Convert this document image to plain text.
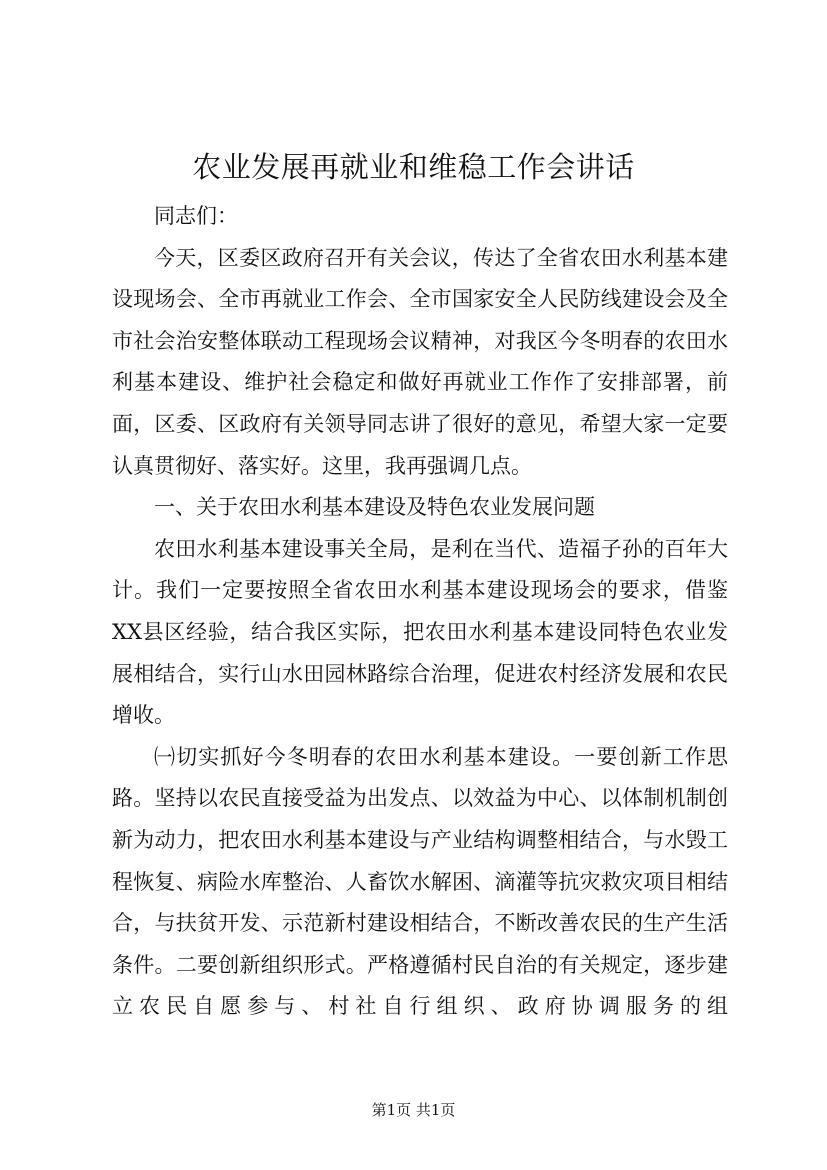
农业发展再就业和维稳工作会讲话

同志们：

今天，区委区政府召开有关会议，传达了全省农田水利基本建设现场会、全市再就业工作会、全市国家安全人民防线建设会及全市社会治安整体联动工程现场会议精神，对我区今冬明春的农田水利基本建设、维护社会稳定和做好再就业工作作了安排部署，前面，区委、区政府有关领导同志讲了很好的意见，希望大家一定要认真贯彻好、落实好。这里，我再强调几点。

一、关于农田水利基本建设及特色农业发展问题

农田水利基本建设事关全局，是利在当代、造福子孙的百年大计。我们一定要按照全省农田水利基本建设现场会的要求，借鉴XX县区经验，结合我区实际，把农田水利基本建设同特色农业发展相结合，实行山水田园林路综合治理，促进农村经济发展和农民增收。

㈠切实抓好今冬明春的农田水利基本建设。一要创新工作思路。坚持以农民直接受益为出发点、以效益为中心、以体制机制创新为动力，把农田水利基本建设与产业结构调整相结合，与水毁工程恢复、病险水库整治、人畜饮水解困、滴灌等抗灾救灾项目相结合，与扶贫开发、示范新村建设相结合，不断改善农民的生产生活条件。二要创新组织形式。严格遵循村民自治的有关规定，逐步建立农民自愿参与、村社自行组织、政府协调服务的组

第1页 共1页
